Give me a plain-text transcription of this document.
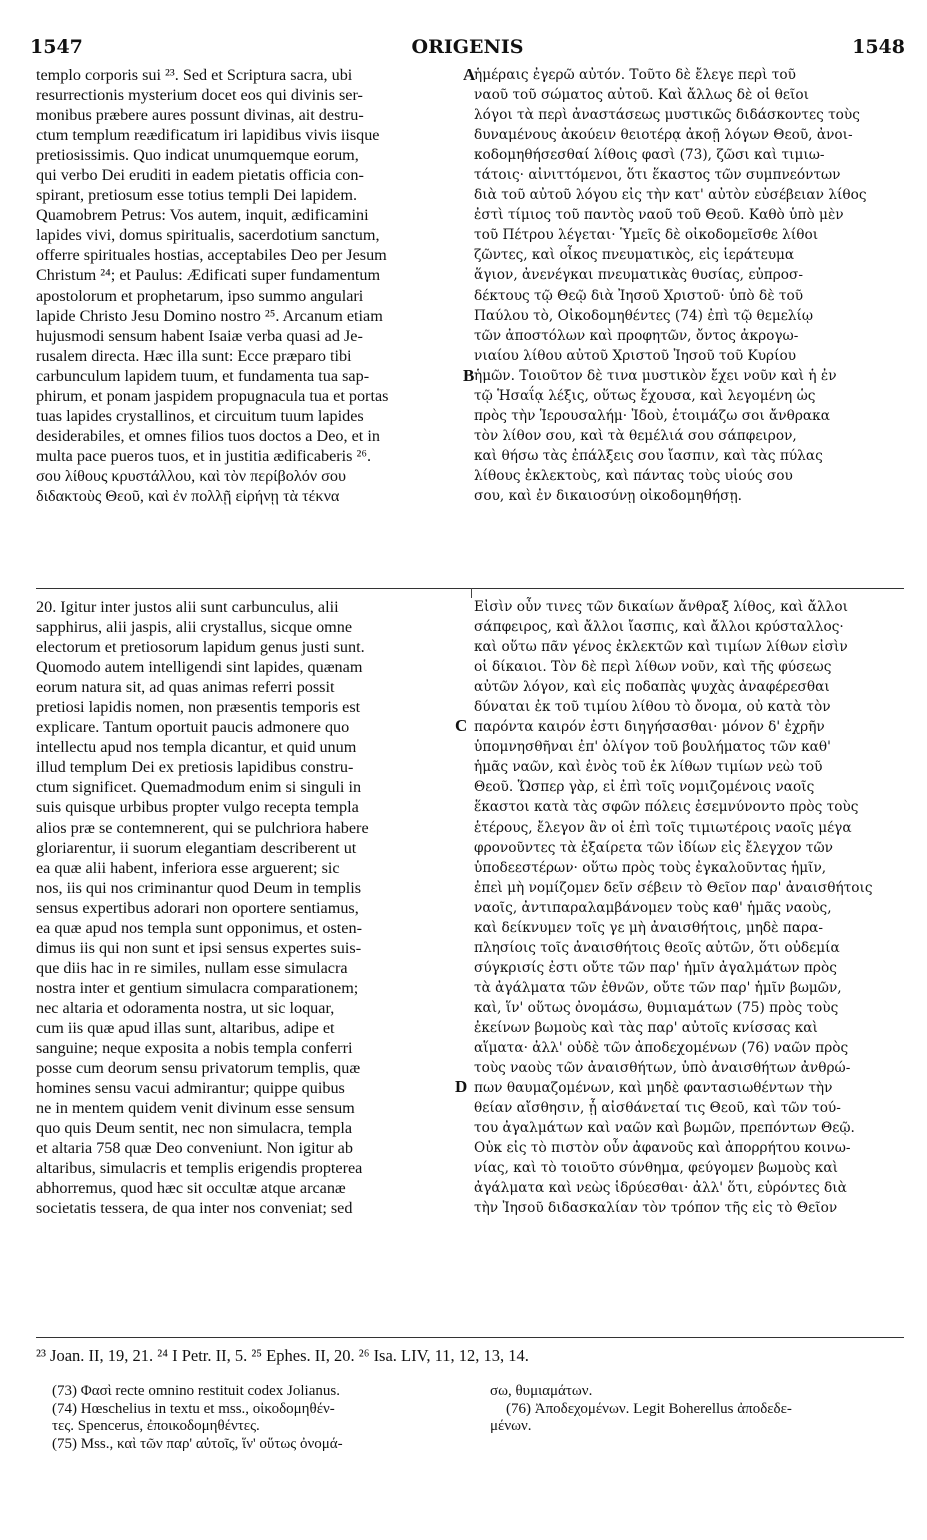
1547	ORIGENIS	1548
templo corporis sui ²³. Sed et Scriptura sacra, ubi
resurrectionis mysterium docet eos qui divinis ser-
monibus præbere aures possunt divinas, ait destru-
ctum templum reædificatum iri lapidibus vivis iisque
pretiosissimis. Quo indicat unumquemque eorum,
qui verbo Dei eruditi in eadem pietatis officia con-
spirant, pretiosum esse totius templi Dei lapidem.
Quamobrem Petrus: Vos autem, inquit, ædificamini
lapides vivi, domus spiritualis, sacerdotium sanctum,
offerre spirituales hostias, acceptabiles Deo per Jesum
Christum ²⁴; et Paulus: Ædificati super fundamentum
apostolorum et prophetarum, ipso summo angulari
lapide Christo Jesu Domino nostro ²⁵. Arcanum etiam
hujusmodi sensum habent Isaiæ verba quasi ad Je-
rusalem directa. Hæc illa sunt: Ecce præparo tibi
carbunculum lapidem tuum, et fundamenta tua sap-
phirum, et ponam jaspidem propugnacula tua et portas
tuas lapides crystallinos, et circuitum tuum lapides
desiderabiles, et omnes filios tuos doctos a Deo, et in
multa pace pueros tuos, et in justitia ædificaberis ²⁶.
σου λίθους κρυστάλλου, καὶ τὸν περίβολόν σου
διδακτοὺς Θεοῦ, καὶ ἐν πολλῇ εἰρήνῃ τὰ τέκνα
ἡμέραις ἐγερῶ αὐτόν. Τοῦτο δὲ ἔλεγε περὶ τοῦ
ναοῦ τοῦ σώματος αὐτοῦ. Καὶ ἄλλως δὲ οἱ θεῖοι
λόγοι τὰ περὶ ἀναστάσεως μυστικῶς διδάσκοντες τοὺς
δυναμένους ἀκούειν θειοτέρᾳ ἀκοῇ λόγων Θεοῦ, ἀνοι-
κοδομηθήσεσθαί λίθοις φασὶ (73), ζῶσι καὶ τιμιω-
τάτοις· αἰνιττόμενοι, ὅτι ἕκαστος τῶν συμπνεόντων
διὰ τοῦ αὐτοῦ λόγου εἰς τὴν κατ' αὐτὸν εὐσέβειαν λίθος
ἐστὶ τίμιος τοῦ παντὸς ναοῦ τοῦ Θεοῦ. Καθὸ ὑπὸ μὲν
τοῦ Πέτρου λέγεται· Ὑμεῖς δὲ οἰκοδομεῖσθε λίθοι
ζῶντες, καὶ οἶκος πνευματικὸς, εἰς ἱεράτευμα
ἅγιον, ἀνενέγκαι πνευματικὰς θυσίας, εὐπροσ-
δέκτους τῷ Θεῷ διὰ Ἰησοῦ Χριστοῦ· ὑπὸ δὲ τοῦ
Παύλου τὸ, Οἰκοδομηθέντες (74) ἐπὶ τῷ θεμελίῳ
τῶν ἀποστόλων καὶ προφητῶν, ὄντος ἀκρογω-
νιαίου λίθου αὐτοῦ Χριστοῦ Ἰησοῦ τοῦ Κυρίου
ἡμῶν. Τοιοῦτον δὲ τινα μυστικὸν ἔχει νοῦν καὶ ἡ ἐν
τῷ Ἡσαΐᾳ λέξις, οὕτως ἔχουσα, καὶ λεγομένη ὡς
πρὸς τὴν Ἱερουσαλήμ· Ἰδοὺ, ἑτοιμάζω σοι ἄνθρακα
τὸν λίθον σου, καὶ τὰ θεμέλιά σου σάπφειρον,
καὶ θήσω τὰς ἐπάλξεις σου ἴασπιν, καὶ τὰς πύλας
λίθους ἐκλεκτοὺς, καὶ πάντας τοὺς υἱούς σου
σου, καὶ ἐν δικαιοσύνῃ οἰκοδομηθήσῃ.
A
B
20. Igitur inter justos alii sunt carbunculus, alii
sapphirus, alii jaspis, alii crystallus, sicque omne
electorum et pretiosorum lapidum genus justi sunt.
Quomodo autem intelligendi sint lapides, quænam
eorum natura sit, ad quas animas referri possit
pretiosi lapidis nomen, non præsentis temporis est
explicare. Tantum oportuit paucis admonere quo
intellectu apud nos templa dicantur, et quid unum
illud templum Dei ex pretiosis lapidibus constru-
ctum significet. Quemadmodum enim si singuli in
suis quisque urbibus propter vulgo recepta templa
alios præ se contemnerent, qui se pulchriora habere
gloriarentur, ii suorum elegantiam describerent ut
ea quæ alii habent, inferiora esse arguerent; sic
nos, iis qui nos criminantur quod Deum in templis
sensus expertibus adorari non oportere sentiamus,
ea quæ apud nos templa sunt opponimus, et osten-
dimus iis qui non sunt et ipsi sensus expertes suis-
que diis hac in re similes, nullam esse simulacra
nostra inter et gentium simulacra comparationem;
nec altaria et odoramenta nostra, ut sic loquar,
cum iis quæ apud illas sunt, altaribus, adipe et
sanguine; neque exposita a nobis templa conferri
posse cum deorum sensu privatorum templis, quæ
homines sensu vacui admirantur; quippe quibus
ne in mentem quidem venit divinum esse sensum
quo quis Deum sentit, nec non simulacra, templa
et altaria 758 quæ Deo conveniunt. Non igitur ab
altaribus, simulacris et templis erigendis propterea
abhorremus, quod hæc sit occultæ atque arcanæ
societatis tessera, de qua inter nos conveniat; sed
Εἰσὶν οὖν τινες τῶν δικαίων ἄνθραξ λίθος, καὶ ἄλλοι
σάπφειρος, καὶ ἄλλοι ἴασπις, καὶ ἄλλοι κρύσταλλος·
καὶ οὕτω πᾶν γένος ἐκλεκτῶν καὶ τιμίων λίθων εἰσὶν
οἱ δίκαιοι. Τὸν δὲ περὶ λίθων νοῦν, καὶ τῆς φύσεως
αὐτῶν λόγον, καὶ εἰς ποδαπὰς ψυχὰς ἀναφέρεσθαι
δύναται ἐκ τοῦ τιμίου λίθου τὸ ὄνομα, οὐ κατὰ τὸν
παρόντα καιρόν ἐστι διηγήσασθαι· μόνον δ' ἐχρῆν
ὑπομνησθῆναι ἐπ' ὀλίγον τοῦ βουλήματος τῶν καθ'
ἡμᾶς ναῶν, καὶ ἑνὸς τοῦ ἐκ λίθων τιμίων νεὼ τοῦ
Θεοῦ. Ὥσπερ γὰρ, εἰ ἐπὶ τοῖς νομιζομένοις ναοῖς
ἕκαστοι κατὰ τὰς σφῶν πόλεις ἐσεμνύνοντο πρὸς τοὺς
ἑτέρους, ἔλεγον ἂν οἱ ἐπὶ τοῖς τιμιωτέροις ναοῖς μέγα
φρονοῦντες τὰ ἐξαίρετα τῶν ἰδίων εἰς ἔλεγχον τῶν
ὑποδεεστέρων· οὕτω πρὸς τοὺς ἐγκαλοῦντας ἡμῖν,
ἐπεὶ μὴ νομίζομεν δεῖν σέβειν τὸ Θεῖον παρ' ἀναισθήτοις
ναοῖς, ἀντιπαραλαμβάνομεν τοὺς καθ' ἡμᾶς ναοὺς,
καὶ δείκνυμεν τοῖς γε μὴ ἀναισθήτοις, μηδὲ παρα-
πλησίοις τοῖς ἀναισθήτοις θεοῖς αὐτῶν, ὅτι οὐδεμία
σύγκρισίς ἐστι οὔτε τῶν παρ' ἡμῖν ἀγαλμάτων πρὸς
τὰ ἀγάλματα τῶν ἐθνῶν, οὔτε τῶν παρ' ἡμῖν βωμῶν,
καὶ, ἵν' οὕτως ὀνομάσω, θυμιαμάτων (75) πρὸς τοὺς
ἐκείνων βωμοὺς καὶ τὰς παρ' αὐτοῖς κνίσσας καὶ
αἵματα· ἀλλ' οὐδὲ τῶν ἀποδεχομένων (76) ναῶν πρὸς
τοὺς ναοὺς τῶν ἀναισθήτων, ὑπὸ ἀναισθήτων ἀνθρώ-
πων θαυμαζομένων, καὶ μηδὲ φαντασιωθέντων τὴν
θείαν αἴσθησιν, ᾗ αἰσθάνεταί τις Θεοῦ, καὶ τῶν τού-
του ἀγαλμάτων καὶ ναῶν καὶ βωμῶν, πρεπόντων Θεῷ.
Οὐκ εἰς τὸ πιστὸν οὖν ἀφανοῦς καὶ ἀπορρήτου κοινω-
νίας, καὶ τὸ τοιοῦτο σύνθημα, φεύγομεν βωμοὺς καὶ
ἀγάλματα καὶ νεὼς ἱδρύεσθαι· ἀλλ' ὅτι, εὑρόντες διὰ
τὴν Ἰησοῦ διδασκαλίαν τὸν τρόπον τῆς εἰς τὸ Θεῖον
C
D
²³ Joan. II, 19, 21. ²⁴ I Petr. II, 5. ²⁵ Ephes. II, 20. ²⁶ Isa. LIV, 11, 12, 13, 14.
(73) Φασὶ recte omnino restituit codex Jolianus.
(74) Hœschelius in textu et mss., οἰκοδομηθέν-
τες. Spencerus, ἐποικοδομηθέντες.
(75) Mss., καὶ τῶν παρ' αὐτοῖς, ἵν' οὕτως ὀνομά-
σω, θυμιαμάτων.
(76) Ἀποδεχομένων. Legit Boherellus ἀποδεδε-
μένων.
